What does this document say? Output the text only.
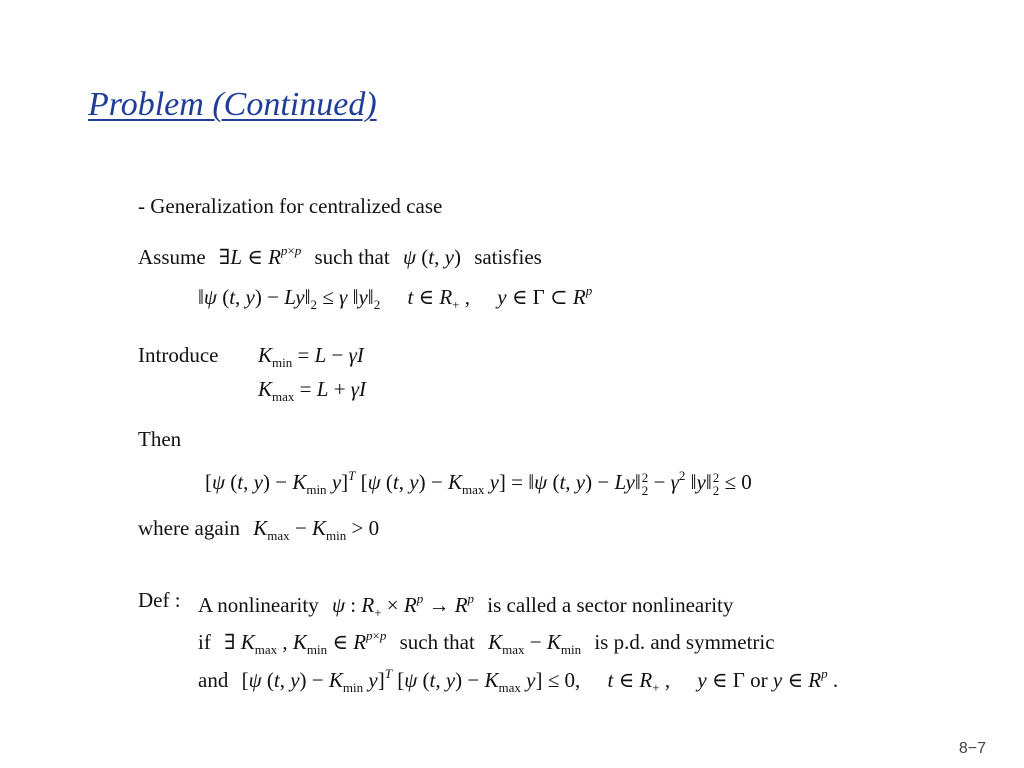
Problem (Continued)
- Generalization for centralized case
Assume ∃L ∈ $R^{p\times p}$ such that ψ (t, y) satisfies
‖ψ (t, $y) - Ly‖_2 \le \gamma$ $‖y‖_2$ t ∈ $R_+$ , y ∈ Γ ⊂ $R^p$
Introduce $K_{min} = L - \gamma I$
$K_{max} = L + \gamma I$
Then
[ψ (t, $y) - K_{min}$ y]$^T$ [ψ (t, $y) - K_{max}$ y] = ‖ψ (t, y) − Ly‖ 2
$2 - \gamma^2$ ‖y‖ 2
2 ≤ 0
where again $K_{max} - K_{min} > 0$
Def : A nonlinearity ψ : $R_+ \times R^p \to R^p$ is called a sector nonlinearity
if ∃ $K_{max}$ , $K_{min}$ ∈ $R^{p\times p}$ such that $K_{max} - K_{min}$ is p.d. and symmetric
and [ψ (t, $y) - K_{min}$ y]$^T$ [ψ (t, $y) - K_{max}$ y] ≤ 0, t ∈ $R_+$ , y ∈ Γ or y ∈ $R^p$ .
8−7
